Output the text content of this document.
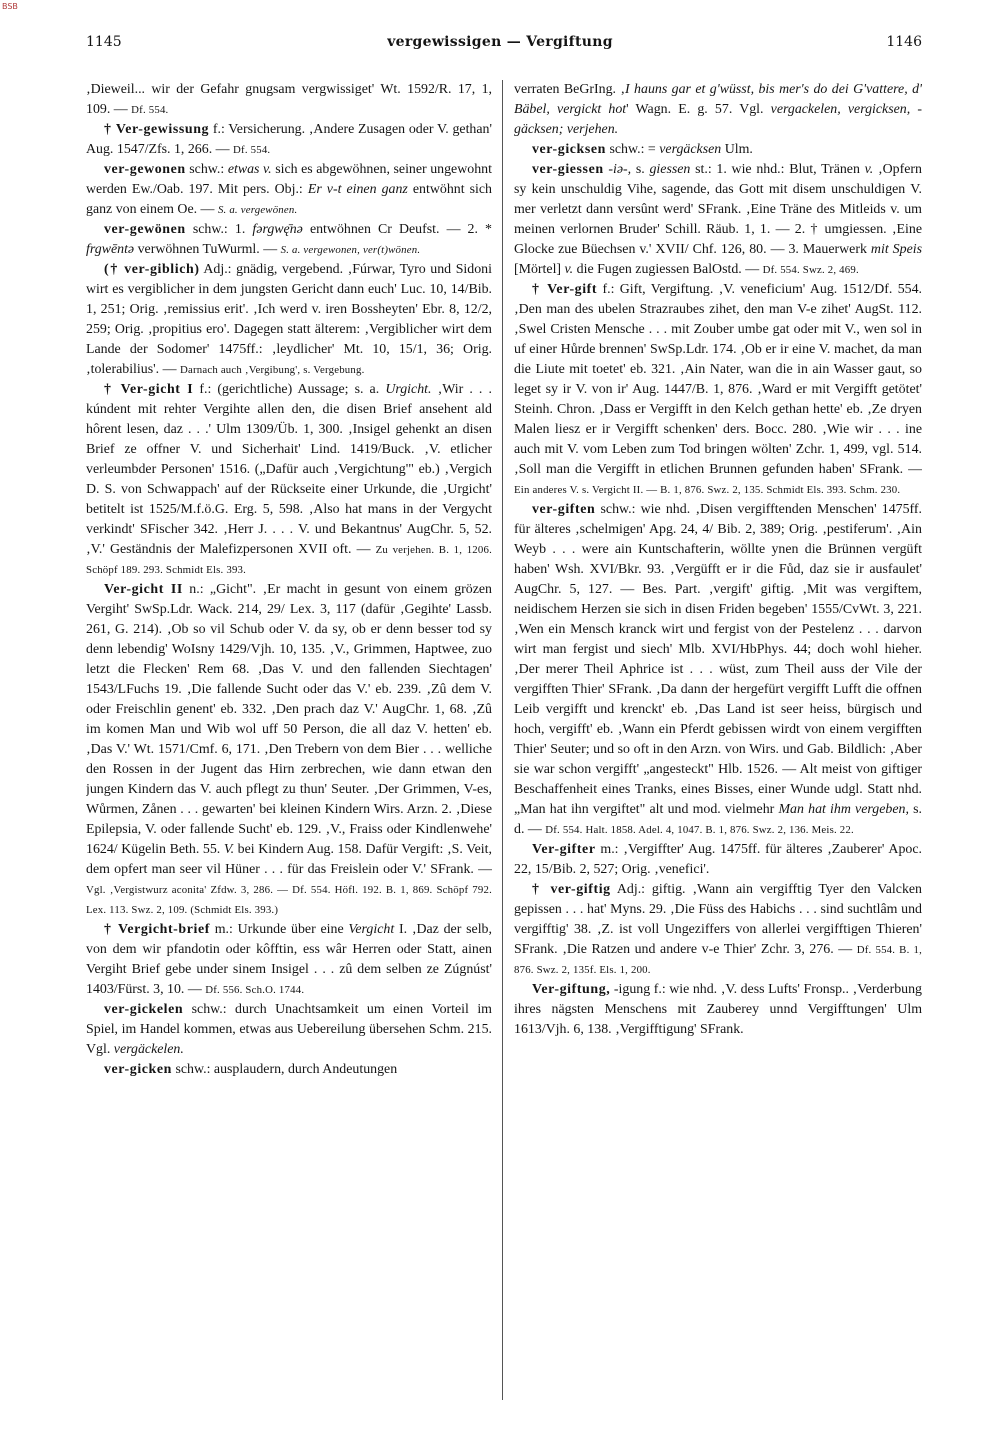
BSB
1145	vergewissigen — Vergiftung	1146

‚Dieweil... wir der Gefahr gnugsam vergwissiget' Wt. 1592/R. 17, 1, 109. — Df. 554.

† Ver-gewissung f.: Versicherung. ‚Andere Zusagen oder V. gethan' Aug. 1547/Zfs. 1, 266. — Df. 554.

ver-gewonen schw.: etwas v. sich es abgewöhnen, seiner ungewohnt werden Ew./Oab. 197. Mit pers. Obj.: Er v-t einen ganz entwöhnt sich ganz von einem Oe. — S. a. vergewönen.

ver-gewönen schw.: 1. fərgwę̄nə entwöhnen Cr Deufst. — 2. * frgwēntə verwöhnen TuWurml. — S. a. vergewonen, ver(t)wönen.

(† ver-giblich) Adj.: gnädig, vergebend. ‚Fúrwar, Tyro und Sidoni wirt es vergiblicher in dem jungsten Gericht dann euch' Luc. 10, 14/Bib. 1, 251; Orig. ‚remissius erit'. ‚Ich werd v. iren Bossheyten' Ebr. 8, 12/2, 259; Orig. ‚propitius ero'. Dagegen statt älterem: ‚Vergiblicher wirt dem Lande der Sodomer' 1475ff.: ‚leydlicher' Mt. 10, 15/1, 36; Orig. ‚tolerabilius'. — Darnach auch ‚Vergibung', s. Vergebung.

† Ver-gicht I f.: (gerichtliche) Aussage; s. a. Urgicht. ‚Wir . . . kúndent mit rehter Vergihte allen den, die disen Brief ansehent ald hôrent lesen, daz . . .' Ulm 1309/Üb. 1, 300. ‚Insigel gehenkt an disen Brief ze offner V. und Sicherhait' Lind. 1419/Buck. ‚V. etlicher verleumbder Personen' 1516. („Dafür auch ‚Vergichtung'" eb.) ‚Vergich D. S. von Schwappach' auf der Rückseite einer Urkunde, die ‚Urgicht' betitelt ist 1525/M.f.ö.G. Erg. 5, 598. ‚Also hat mans in der Vergycht verkindt' SFischer 342. ‚Herr J. . . . V. und Bekantnus' AugChr. 5, 52. ‚V.' Geständnis der Malefizpersonen XVII oft. — Zu verjehen. B. 1, 1206. Schöpf 189. 293. Schmidt Els. 393.

Ver-gicht II n.: „Gicht". ‚Er macht in gesunt von einem grözen Vergiht' SwSp.Ldr. Wack. 214, 29/ Lex. 3, 117 (dafür ‚Gegihte' Lassb. 261, G. 214). ‚Ob so vil Schub oder V. da sy, ob er denn besser tod sy denn lebendig' WoIsny 1429/Vjh. 10, 135. ‚V., Grimmen, Haptwee, zuo letzt die Flecken' Rem 68. ‚Das V. und den fallenden Siechtagen' 1543/LFuchs 19. ‚Die fallende Sucht oder das V.' eb. 239. ‚Zû dem V. oder Freischlin genent' eb. 332. ‚Den prach daz V.' AugChr. 1, 68. ‚Zû im komen Man und Wib wol uff 50 Person, die all daz V. hetten' eb. ‚Das V.' Wt. 1571/Cmf. 6, 171. ‚Den Trebern von dem Bier . . . welliche den Rossen in der Jugent das Hirn zerbrechen, wie dann etwan den jungen Kindern das V. auch pflegt zu thun' Seuter. ‚Der Grimmen, V-es, Wůrmen, Zånen . . . gewarten' bei kleinen Kindern Wirs. Arzn. 2. ‚Diese Epilepsia, V. oder fallende Sucht' eb. 129. ‚V., Fraiss oder Kindlenwehe' 1624/ Kügelin Beth. 55. V. bei Kindern Aug. 158. Dafür Vergift: ‚S. Veit, dem opfert man seer vil Hüner . . . für das Freislein oder V.' SFrank. — Vgl. ‚Vergistwurz aconita' Zfdw. 3, 286. — Df. 554. Höfl. 192. B. 1, 869. Schöpf 792. Lex. 113. Swz. 2, 109. (Schmidt Els. 393.)

† Vergicht-brief m.: Urkunde über eine Vergicht I. ‚Daz der selb, von dem wir pfandotin oder kôfftin, ess wâr Herren oder Statt, ainen Vergiht Brief gebe under sinem Insigel . . . zû dem selben ze Zúgnúst' 1403/Fürst. 3, 10. — Df. 556. Sch.O. 1744.

ver-gickelen schw.: durch Unachtsamkeit um einen Vorteil im Spiel, im Handel kommen, etwas aus Uebereilung übersehen Schm. 215. Vgl. vergäckelen.

ver-gicken schw.: ausplaudern, durch Andeutungen

verraten BeGrIng. ‚I hauns gar et g'wüsst, bis mer's do dei G'vattere, d' Bäbel, vergickt hot' Wagn. E. g. 57. Vgl. vergackelen, vergicksen, -gäcksen; verjehen.

ver-gicksen schw.: = vergäcksen Ulm.

ver-giessen -iə-, s. giessen st.: 1. wie nhd.: Blut, Tränen v. ‚Opfern sy kein unschuldig Vihe, sagende, das Gott mit disem unschuldigen V. mer verletzt dann versûnt werd' SFrank. ‚Eine Träne des Mitleids v. um meinen verlornen Bruder' Schill. Räub. 1, 1. — 2. † umgiessen. ‚Eine Glocke zue Büechsen v.' XVII/ Chf. 126, 80. — 3. Mauerwerk mit Speis [Mörtel] v. die Fugen zugiessen BalOstd. — Df. 554. Swz. 2, 469.

† Ver-gift f.: Gift, Vergiftung. ‚V. veneficium' Aug. 1512/Df. 554. ‚Den man des ubelen Strazraubes zihet, den man V-e zihet' AugSt. 112. ‚Swel Cristen Mensche . . . mit Zouber umbe gat oder mit V., wen sol in uf einer Hůrde brennen' SwSp.Ldr. 174. ‚Ob er ir eine V. machet, da man die Liute mit toetet' eb. 321. ‚Ain Nater, wan die in ain Wasser gaut, so leget sy ir V. von ir' Aug. 1447/B. 1, 876. ‚Ward er mit Vergifft getötet' Steinh. Chron. ‚Dass er Vergifft in den Kelch gethan hette' eb. ‚Ze dryen Malen liesz er ir Vergifft schenken' ders. Bocc. 280. ‚Wie wir . . . ine auch mit V. vom Leben zum Tod bringen wölten' Zchr. 1, 499, vgl. 514. ‚Soll man die Vergifft in etlichen Brunnen gefunden haben' SFrank. — Ein anderes V. s. Vergicht II. — B. 1, 876. Swz. 2, 135. Schmidt Els. 393. Schm. 230.

ver-giften schw.: wie nhd. ‚Disen vergifftenden Menschen' 1475ff. für älteres ‚schelmigen' Apg. 24, 4/ Bib. 2, 389; Orig. ‚pestiferum'. ‚Ain Weyb . . . were ain Kuntschafterin, wöllte ynen die Brünnen vergüft haben' Wsh. XVI/Bkr. 93. ‚Vergüfft er ir die Fůd, daz sie ir ausfaulet' AugChr. 5, 127. — Bes. Part. ‚vergift' giftig. ‚Mit was vergiftem, neidischem Herzen sie sich in disen Friden begeben' 1555/CvWt. 3, 221. ‚Wen ein Mensch kranck wirt und fergist von der Pestelenz . . . darvon wirt man fergist und siech' Mlb. XVI/HbPhys. 44; doch wohl hieher. ‚Der merer Theil Aphrice ist . . . wüst, zum Theil auss der Vile der vergifften Thier' SFrank. ‚Da dann der hergefürt vergifft Lufft die offnen Leib vergifft und krenckt' eb. ‚Das Land ist seer heiss, bürgisch und hoch, vergifft' eb. ‚Wann ein Pferdt gebissen wirdt von einem vergifften Thier' Seuter; und so oft in den Arzn. von Wirs. und Gab. Bildlich: ‚Aber sie war schon vergifft' „angesteckt" Hlb. 1526. — Alt meist von giftiger Beschaffenheit eines Tranks, eines Bisses, einer Wunde udgl. Statt nhd. „Man hat ihn vergiftet" alt und mod. vielmehr Man hat ihm vergeben, s. d. — Df. 554. Halt. 1858. Adel. 4, 1047. B. 1, 876. Swz. 2, 136. Meis. 22.

Ver-gifter m.: ‚Vergiffter' Aug. 1475ff. für älteres ‚Zauberer' Apoc. 22, 15/Bib. 2, 527; Orig. ‚venefici'.

† ver-giftig Adj.: giftig. ‚Wann ain vergifftig Tyer den Valcken gepissen . . . hat' Myns. 29. ‚Die Füss des Habichs . . . sind suchtlâm und vergifftig' 38. ‚Z. ist voll Ungeziffers von allerlei vergifftigen Thieren' SFrank. ‚Die Ratzen und andere v-e Thier' Zchr. 3, 276. — Df. 554. B. 1, 876. Swz. 2, 135f. Els. 1, 200.

Ver-giftung, -igung f.: wie nhd. ‚V. dess Lufts' Fronsp.. ‚Verderbung ihres nägsten Menschens mit Zauberey unnd Vergifftungen' Ulm 1613/Vjh. 6, 138. ‚Vergifftigung' SFrank.
